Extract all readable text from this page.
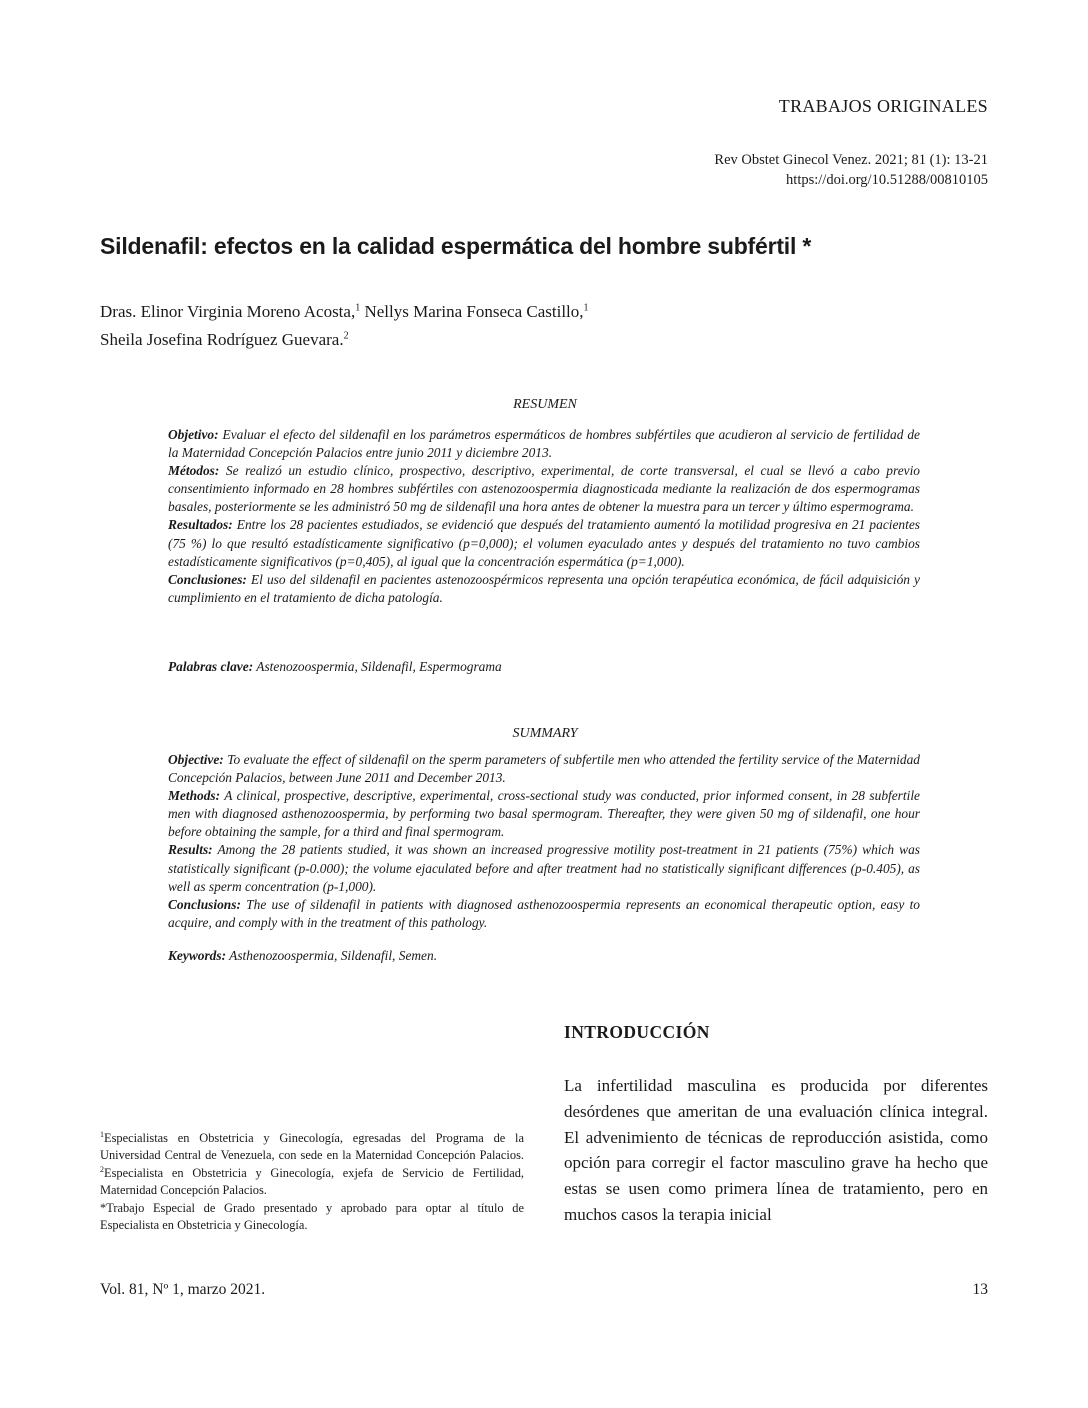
TRABAJOS ORIGINALES
Rev Obstet Ginecol Venez. 2021; 81 (1): 13-21
https://doi.org/10.51288/00810105
Sildenafil: efectos en la calidad espermática del hombre subfértil *
Dras. Elinor Virginia Moreno Acosta,$^1$ Nellys Marina Fonseca Castillo,$^1$
Sheila Josefina Rodríguez Guevara.$^2$
RESUMEN

Objetivo: Evaluar el efecto del sildenafil en los parámetros espermáticos de hombres subfértiles que acudieron al servicio de fertilidad de la Maternidad Concepción Palacios entre junio 2011 y diciembre 2013.

Métodos: Se realizó un estudio clínico, prospectivo, descriptivo, experimental, de corte transversal, el cual se llevó a cabo previo consentimiento informado en 28 hombres subfértiles con astenozoospermia diagnosticada mediante la realización de dos espermogramas basales, posteriormente se les administró 50 mg de sildenafil una hora antes de obtener la muestra para un tercer y último espermograma.

Resultados: Entre los 28 pacientes estudiados, se evidenció que después del tratamiento aumentó la motilidad progresiva en 21 pacientes (75 %) lo que resultó estadísticamente significativo (p=0,000); el volumen eyaculado antes y después del tratamiento no tuvo cambios estadísticamente significativos (p=0,405), al igual que la concentración espermática (p=1,000).

Conclusiones: El uso del sildenafil en pacientes astenozoospérmicos representa una opción terapéutica económica, de fácil adquisición y cumplimiento en el tratamiento de dicha patología.

Palabras clave: Astenozoospermia, Sildenafil, Espermograma
SUMMARY

Objective: To evaluate the effect of sildenafil on the sperm parameters of subfertile men who attended the fertility service of the Maternidad Concepción Palacios, between June 2011 and December 2013.

Methods: A clinical, prospective, descriptive, experimental, cross-sectional study was conducted, prior informed consent, in 28 subfertile men with diagnosed asthenozoospermia, by performing two basal spermogram. Thereafter, they were given 50 mg of sildenafil, one hour before obtaining the sample, for a third and final spermogram.

Results: Among the 28 patients studied, it was shown an increased progressive motility post-treatment in 21 patients (75%) which was statistically significant (p-0.000); the volume ejaculated before and after treatment had no statistically significant differences (p-0.405), as well as sperm concentration (p-1,000).

Conclusions: The use of sildenafil in patients with diagnosed asthenozoospermia represents an economical therapeutic option, easy to acquire, and comply with in the treatment of this pathology.

Keywords: Asthenozoospermia, Sildenafil, Semen.
INTRODUCCIÓN

La infertilidad masculina es producida por diferentes desórdenes que ameritan de una evaluación clínica integral. El advenimiento de técnicas de reproducción asistida, como opción para corregir el factor masculino grave ha hecho que estas se usen como primera línea de tratamiento, pero en muchos casos la terapia inicial

$^1$Especialistas en Obstetricia y Ginecología, egresadas del Programa de la Universidad Central de Venezuela, con sede en la Maternidad Concepción Palacios. $^2$Especialista en Obstetricia y Ginecología, exjefa de Servicio de Fertilidad, Maternidad Concepción Palacios.

*Trabajo Especial de Grado presentado y aprobado para optar al título de Especialista en Obstetricia y Ginecología.

Vol. 81, Nº 1, marzo 2021.	13
